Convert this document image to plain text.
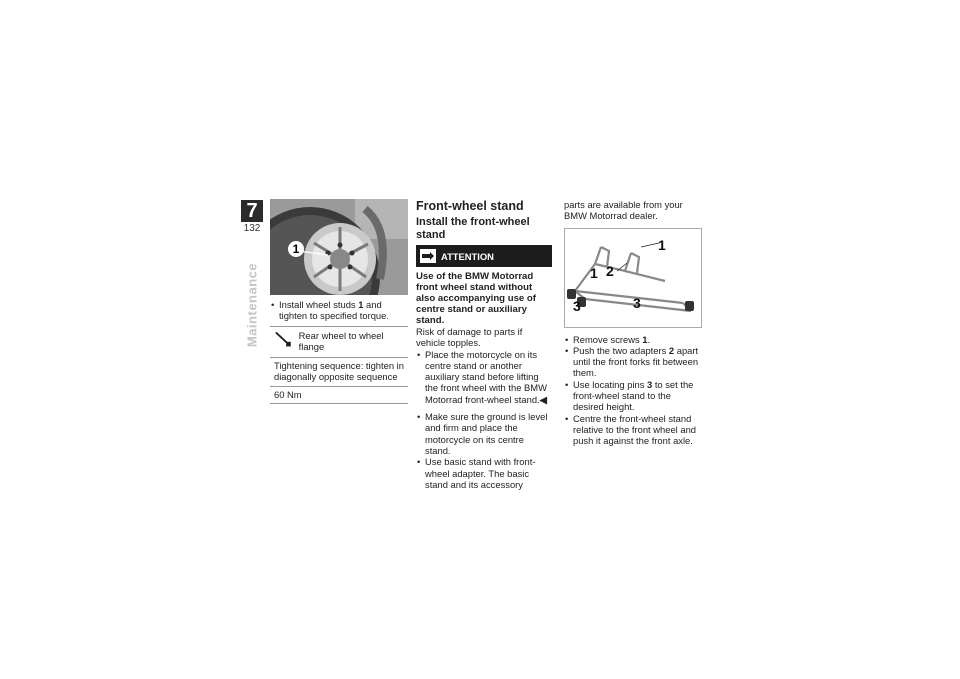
7
132
Maintenance
1
• Install wheel studs 1 and tighten to specified torque.
Rear wheel to wheel flange
Tightening sequence: tighten in diagonally opposite sequence
60 Nm
Front-wheel stand
Install the front-wheel stand
ATTENTION

Use of the BMW Motorrad front wheel stand without also accompanying use of centre stand or auxiliary stand.

Risk of damage to parts if vehicle topples.

• Place the motorcycle on its centre stand or another auxiliary stand before lifting the front wheel with the BMW Motorrad front-wheel stand.◀
• Make sure the ground is level and firm and place the motorcycle on its centre stand.
• Use basic stand with front-wheel adapter. The basic stand and its accessory

parts are available from your BMW Motorrad dealer.

1
2
1
3	3
• Remove screws 1.
• Push the two adapters 2 apart until the front forks fit between them.
• Use locating pins 3 to set the front-wheel stand to the desired height.
• Centre the front-wheel stand relative to the front wheel and push it against the front axle.
